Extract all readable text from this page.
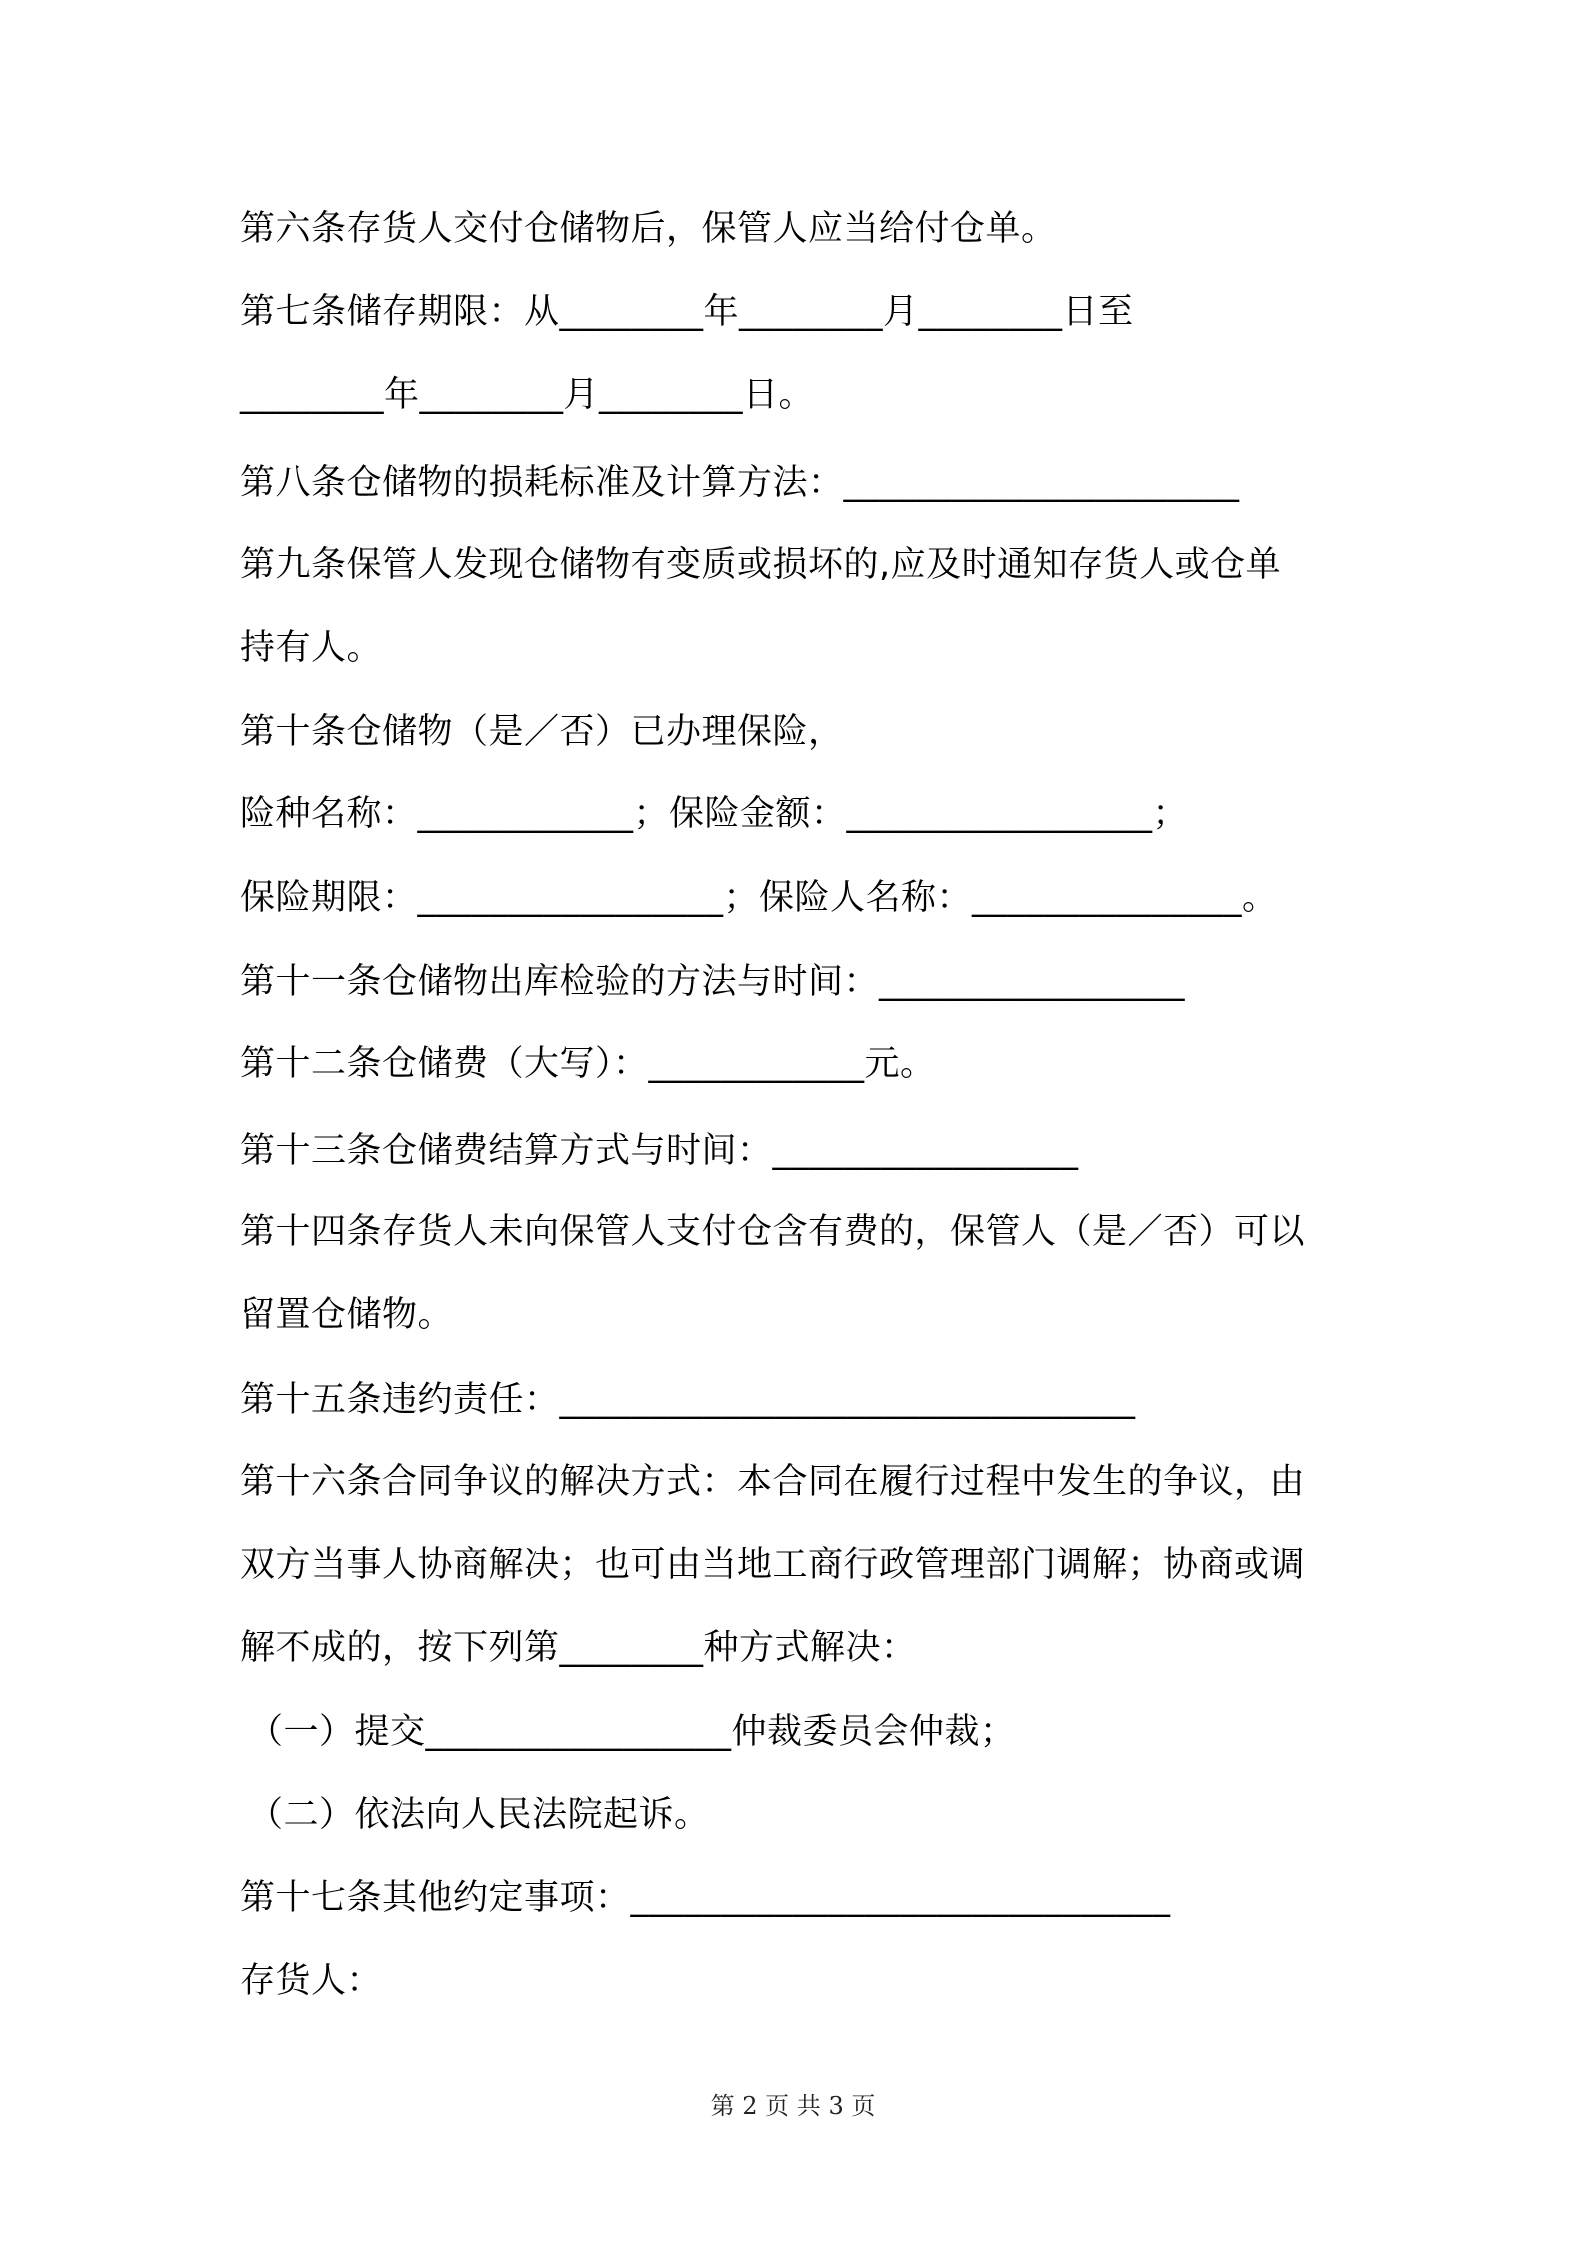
第六条存货人交付仓储物后，保管人应当给付仓单。
第七条储存期限：从________年________月________日至
________年________月________日。
第八条仓储物的损耗标准及计算方法：______________________
第九条保管人发现仓储物有变质或损坏的,应及时通知存货人或仓单
持有人。
第十条仓储物（是／否）已办理保险，
险种名称：____________；保险金额：_________________；
保险期限：_________________；保险人名称：_______________。
第十一条仓储物出库检验的方法与时间：_________________
第十二条仓储费（大写）：____________元。
第十三条仓储费结算方式与时间：_________________
第十四条存货人未向保管人支付仓含有费的，保管人（是／否）可以
留置仓储物。
第十五条违约责任：________________________________
第十六条合同争议的解决方式：本合同在履行过程中发生的争议，由
双方当事人协商解决；也可由当地工商行政管理部门调解；协商或调
解不成的，按下列第________种方式解决：
（一）提交_________________仲裁委员会仲裁；
（二）依法向人民法院起诉。
第十七条其他约定事项：______________________________
存货人：
第 2 页 共 3 页
